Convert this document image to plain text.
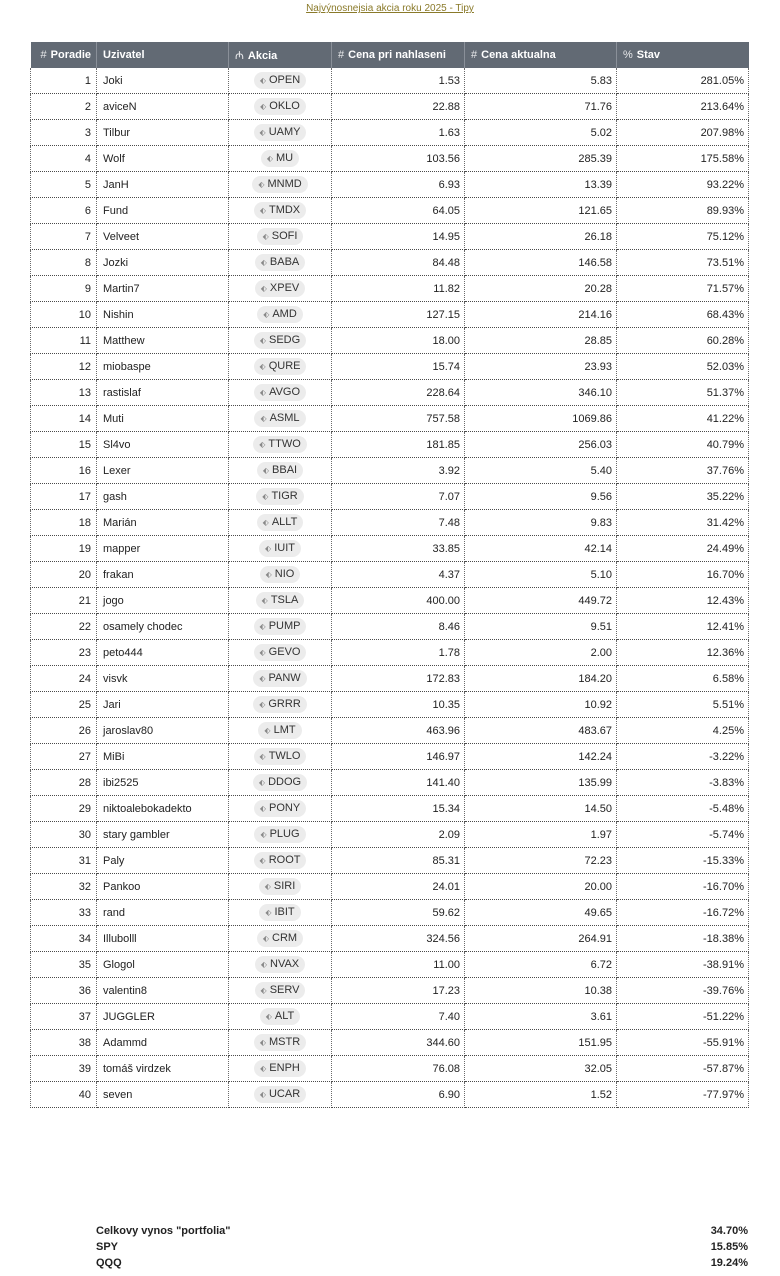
Najvýnosnejsia akcia roku 2025 - Tipy
# Poradie	Uzivatel	₼ Akcia	# Cena pri nahlaseni	# Cena aktualna	% Stav
1	Joki	⬖ OPEN	1.53	5.83	281.05%
2	aviceN	⬖ OKLO	22.88	71.76	213.64%
3	Tilbur	⬖ UAMY	1.63	5.02	207.98%
4	Wolf	⬖ MU	103.56	285.39	175.58%
5	JanH	⬖ MNMD	6.93	13.39	93.22%
6	Fund	⬖ TMDX	64.05	121.65	89.93%
7	Velveet	⬖ SOFI	14.95	26.18	75.12%
8	Jozki	⬖ BABA	84.48	146.58	73.51%
9	Martin7	⬖ XPEV	11.82	20.28	71.57%
10	Nishin	⬖ AMD	127.15	214.16	68.43%
11	Matthew	⬖ SEDG	18.00	28.85	60.28%
12	miobaspe	⬖ QURE	15.74	23.93	52.03%
13	rastislaf	⬖ AVGO	228.64	346.10	51.37%
14	Muti	⬖ ASML	757.58	1069.86	41.22%
15	Sl4vo	⬖ TTWO	181.85	256.03	40.79%
16	Lexer	⬖ BBAI	3.92	5.40	37.76%
17	gash	⬖ TIGR	7.07	9.56	35.22%
18	Marián	⬖ ALLT	7.48	9.83	31.42%
19	mapper	⬖ IUIT	33.85	42.14	24.49%
20	frakan	⬖ NIO	4.37	5.10	16.70%
21	jogo	⬖ TSLA	400.00	449.72	12.43%
22	osamely chodec	⬖ PUMP	8.46	9.51	12.41%
23	peto444	⬖ GEVO	1.78	2.00	12.36%
24	visvk	⬖ PANW	172.83	184.20	6.58%
25	Jari	⬖ GRRR	10.35	10.92	5.51%
26	jaroslav80	⬖ LMT	463.96	483.67	4.25%
27	MiBi	⬖ TWLO	146.97	142.24	-3.22%
28	ibi2525	⬖ DDOG	141.40	135.99	-3.83%
29	niktoalebokadekto	⬖ PONY	15.34	14.50	-5.48%
30	stary gambler	⬖ PLUG	2.09	1.97	-5.74%
31	Paly	⬖ ROOT	85.31	72.23	-15.33%
32	Pankoo	⬖ SIRI	24.01	20.00	-16.70%
33	rand	⬖ IBIT	59.62	49.65	-16.72%
34	Illubolll	⬖ CRM	324.56	264.91	-18.38%
35	Glogol	⬖ NVAX	11.00	6.72	-38.91%
36	valentin8	⬖ SERV	17.23	10.38	-39.76%
37	JUGGLER	⬖ ALT	7.40	3.61	-51.22%
38	Adammd	⬖ MSTR	344.60	151.95	-55.91%
39	tomáš virdzek	⬖ ENPH	76.08	32.05	-57.87%
40	seven	⬖ UCAR	6.90	1.52	-77.97%
Celkovy vynos "portfolia"	34.70%
SPY	15.85%
QQQ	19.24%
